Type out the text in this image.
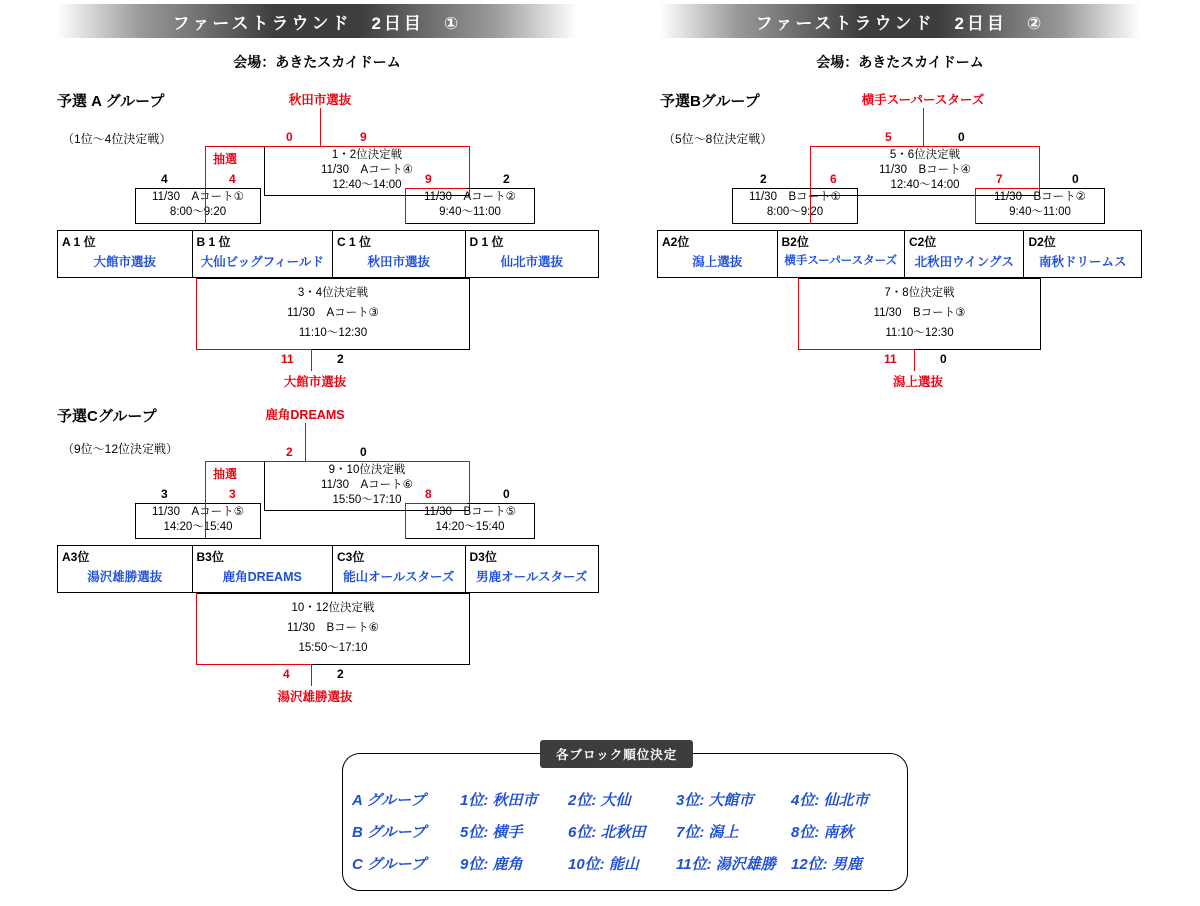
ファーストラウンド　2日目　①
会場：あきたスカイドーム
ファーストラウンド　2日目　②
会場：あきたスカイドーム
予選 A グループ
（1位～4位決定戦）
秋田市選抜
0	9
1・2位決定戦
11/30　Aコート④
12:40～14:00
4	4	9	2
抽選
11/30　Aコート①
8:00～9:20
11/30　Aコート②
9:40～11:00
A 1 位
大館市選抜
B 1 位
大仙ビッグフィールド
C 1 位
秋田市選抜
D 1 位
仙北市選抜
3・4位決定戦
11/30　Aコート③
11:10～12:30
11	2
大館市選抜
予選Cグループ
（9位～12位決定戦）
鹿角DREAMS
2	0
9・10位決定戦
11/30　Aコート⑥
15:50～17:10
3	3	8	0
抽選
11/30　Aコート⑤
14:20～15:40
11/30　Bコート⑤
14:20～15:40
A3位
湯沢雄勝選抜
B3位
鹿角DREAMS
C3位
能山オールスターズ
D3位
男鹿オールスターズ
10・12位決定戦
11/30　Bコート⑥
15:50～17:10
4	2
湯沢雄勝選抜
予選Bグループ
（5位～8位決定戦）
横手スーパースターズ
5	0
5・6位決定戦
11/30　Bコート④
12:40～14:00
2	6	7	0
11/30　Bコート①
8:00～9:20
11/30　Bコート②
9:40～11:00
A2位
潟上選抜
B2位
横手スーパースターズ
C2位
北秋田ウイングス
D2位
南秋ドリームス
7・8位決定戦
11/30　Bコート③
11:10～12:30
11	0
潟上選抜
各ブロック順位決定
A グループ	1位: 秋田市	2位: 大仙	3位: 大館市	4位: 仙北市
B グループ	5位: 横手	6位: 北秋田	7位: 潟上	8位: 南秋
C グループ	9位: 鹿角	10位: 能山	11位: 湯沢雄勝	12位: 男鹿
